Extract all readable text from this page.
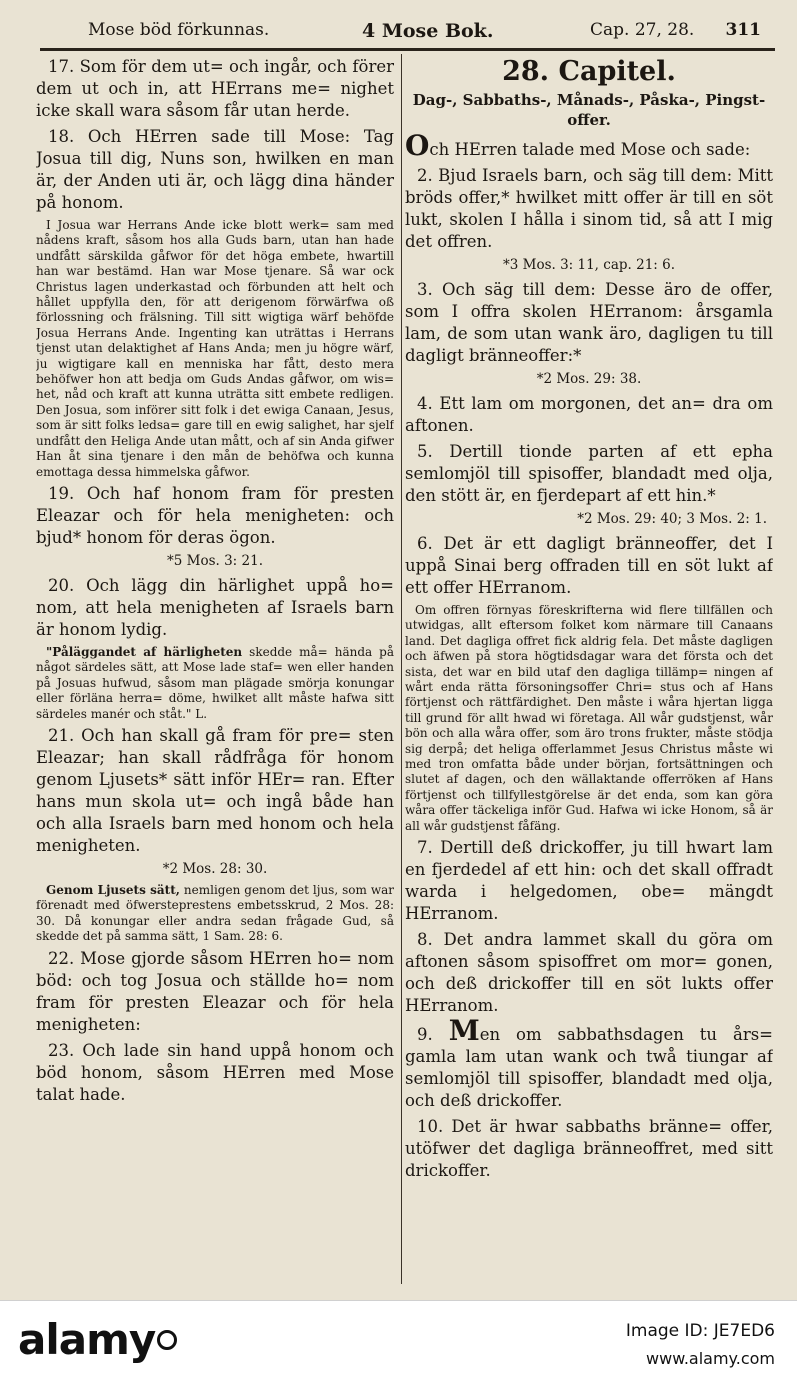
Mose böd förkunnas.	4 Mose Bok.	Cap. 27, 28. 311

17. Som för dem ut= och ingår, och förer dem ut och in, att HErrans me= nighet icke skall wara såsom får utan herde.

18. Och HErren sade till Mose: Tag Josua till dig, Nuns son, hwilken en man är, der Anden uti är, och lägg dina händer på honom.

I Josua war Herrans Ande icke blott werk= sam med nådens kraft, såsom hos alla Guds barn, utan han hade undfått särskilda gåfwor för det höga embete, hwartill han war bestämd. Han war Mose tjenare. Så war ock Christus lagen underkastad och förbunden att helt och hållet uppfylla den, för att derigenom förwärfwa oß förlossning och frälsning. Till sitt wigtiga wärf behöfde Josua Herrans Ande. Ingenting kan uträttas i Herrans tjenst utan delaktighet af Hans Anda; men ju högre wärf, ju wigtigare kall en menniska har fått, desto mera behöfwer hon att bedja om Guds Andas gåfwor, om wis= het, nåd och kraft att kunna uträtta sitt embete redligen. Den Josua, som införer sitt folk i det ewiga Canaan, Jesus, som är sitt folks ledsa= gare till en ewig salighet, har sjelf undfått den Heliga Ande utan mått, och af sin Anda gifwer Han åt sina tjenare i den mån de behöfwa och kunna emottaga dessa himmelska gåfwor.

19. Och haf honom fram för presten Eleazar och för hela menigheten: och bjud* honom för deras ögon.

*5 Mos. 3: 21.

20. Och lägg din härlighet uppå ho= nom, att hela menigheten af Israels barn är honom lydig.

"Påläggandet af härligheten skedde må= hända på något särdeles sätt, att Mose lade staf= wen eller handen på Josuas hufwud, såsom man plägade smörja konungar eller förläna herra= döme, hwilket allt måste hafwa sitt särdeles manér och ståt." L.

21. Och han skall gå fram för pre= sten Eleazar; han skall rådfråga för honom genom Ljusets* sätt inför HEr= ran. Efter hans mun skola ut= och ingå både han och alla Israels barn med honom och hela menigheten.

*2 Mos. 28: 30.

Genom Ljusets sätt, nemligen genom det ljus, som war förenadt med öfwersteprestens embetsskrud, 2 Mos. 28: 30. Då konungar eller andra sedan frågade Gud, så skedde det på samma sätt, 1 Sam. 28: 6.

22. Mose gjorde såsom HErren ho= nom böd: och tog Josua och ställde ho= nom fram för presten Eleazar och för hela menigheten:

23. Och lade sin hand uppå honom och böd honom, såsom HErren med Mose talat hade.

28. Capitel.

Dag-, Sabbaths-, Månads-, Påska-, Pingst-offer.

Och HErren talade med Mose och sade:

2. Bjud Israels barn, och säg till dem: Mitt bröds offer,* hwilket mitt offer är till en söt lukt, skolen I hålla i sinom tid, så att I mig det offren.

*3 Mos. 3: 11, cap. 21: 6.

3. Och säg till dem: Desse äro de offer, som I offra skolen HErranom: årsgamla lam, de som utan wank äro, dagligen tu till dagligt bränneoffer:*

*2 Mos. 29: 38.

4. Ett lam om morgonen, det an= dra om aftonen.

5. Dertill tionde parten af ett epha semlomjöl till spisoffer, blandadt med olja, den stött är, en fjerdepart af ett hin.*

*2 Mos. 29: 40; 3 Mos. 2: 1.

6. Det är ett dagligt bränneoffer, det I uppå Sinai berg offraden till en söt lukt af ett offer HErranom.

Om offren förnyas föreskrifterna wid flere tillfällen och utwidgas, allt eftersom folket kom närmare till Canaans land. Det dagliga offret fick aldrig fela. Det måste dagligen och äfwen på stora högtidsdagar wara det första och det sista, det war en bild utaf den dagliga tillämp= ningen af wårt enda rätta försoningsoffer Chri= stus och af Hans förtjenst och rättfärdighet. Den måste i wåra hjertan ligga till grund för allt hwad wi företaga. All wår gudstjenst, wår bön och alla wåra offer, som äro trons frukter, måste stödja sig derpå; det heliga offerlammet Jesus Christus måste wi med tron omfatta både under början, fortsättningen och slutet af dagen, och den wällaktande offerröken af Hans förtjenst och tillfyllestgörelse är det enda, som kan göra wåra offer täckeliga inför Gud. Hafwa wi icke Honom, så är all wår gudstjenst fåfäng.

7. Dertill deß drickoffer, ju till hwart lam en fjerdedel af ett hin: och det skall offradt warda i helgedomen, obe= mängdt HErranom.

8. Det andra lammet skall du göra om aftonen såsom spisoffret om mor= gonen, och deß drickoffer till en söt lukts offer HErranom.

9. Men om sabbathsdagen tu års= gamla lam utan wank och twå tiungar af semlomjöl till spisoffer, blandadt med olja, och deß drickoffer.

10. Det är hwar sabbaths bränne= offer, utöfwer det dagliga bränneoffret, med sitt drickoffer.

alamy	Image ID: JE7ED6
www.alamy.com
